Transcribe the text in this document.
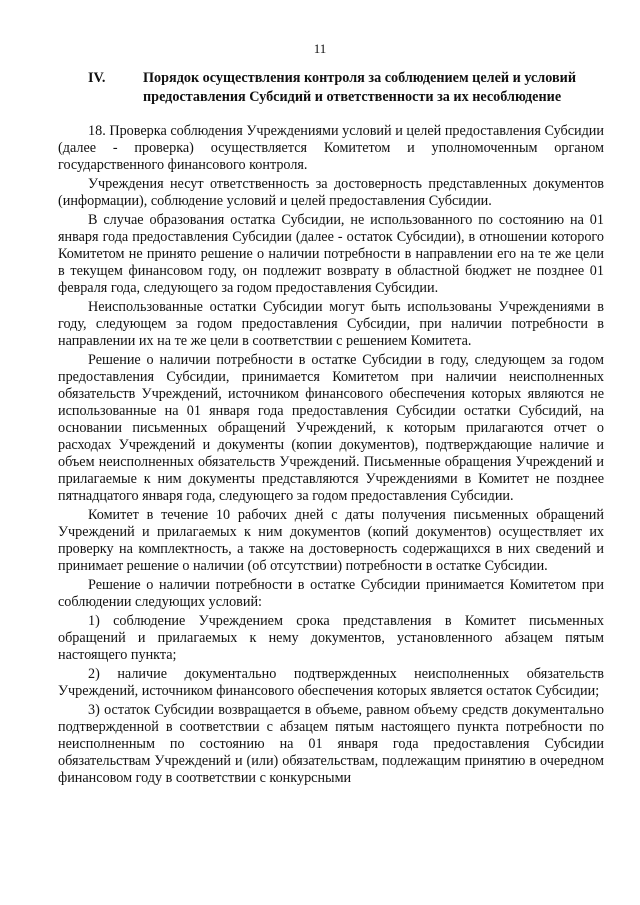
11
IV.	Порядок осуществления контроля за соблюдением целей и условий предоставления Субсидий и ответственности за их несоблюдение

18. Проверка соблюдения Учреждениями условий и целей предоставления Субсидии (далее - проверка) осуществляется Комитетом и уполномоченным органом государственного финансового контроля.

Учреждения несут ответственность за достоверность представленных документов (информации), соблюдение условий и целей предоставления Субсидии.

В случае образования остатка Субсидии, не использованного по состоянию на 01 января года предоставления Субсидии (далее - остаток Субсидии), в отношении которого Комитетом не принято решение о наличии потребности в направлении его на те же цели в текущем финансовом году, он подлежит возврату в областной бюджет не позднее 01 февраля года, следующего за годом предоставления Субсидии.

Неиспользованные остатки Субсидии могут быть использованы Учреждениями в году, следующем за годом предоставления Субсидии, при наличии потребности в направлении их на те же цели в соответствии с решением Комитета.

Решение о наличии потребности в остатке Субсидии в году, следующем за годом предоставления Субсидии, принимается Комитетом при наличии неисполненных обязательств Учреждений, источником финансового обеспечения которых являются не использованные на 01 января года предоставления Субсидии остатки Субсидий, на основании письменных обращений Учреждений, к которым прилагаются отчет о расходах Учреждений и документы (копии документов), подтверждающие наличие и объем неисполненных обязательств Учреждений. Письменные обращения Учреждений и прилагаемые к ним документы представляются Учреждениями в Комитет не позднее пятнадцатого января года, следующего за годом предоставления Субсидии.

Комитет в течение 10 рабочих дней с даты получения письменных обращений Учреждений и прилагаемых к ним документов (копий документов) осуществляет их проверку на комплектность, а также на достоверность содержащихся в них сведений и принимает решение о наличии (об отсутствии) потребности в остатке Субсидии.

Решение о наличии потребности в остатке Субсидии принимается Комитетом при соблюдении следующих условий:

1) соблюдение Учреждением срока представления в Комитет письменных обращений и прилагаемых к нему документов, установленного абзацем пятым настоящего пункта;

2) наличие документально подтвержденных неисполненных обязательств Учреждений, источником финансового обеспечения которых является остаток Субсидии;

3) остаток Субсидии возвращается в объеме, равном объему средств документально подтвержденной в соответствии с абзацем пятым настоящего пункта потребности по неисполненным по состоянию на 01 января года предоставления Субсидии обязательствам Учреждений и (или) обязательствам, подлежащим принятию в очередном финансовом году в соответствии с конкурсными
